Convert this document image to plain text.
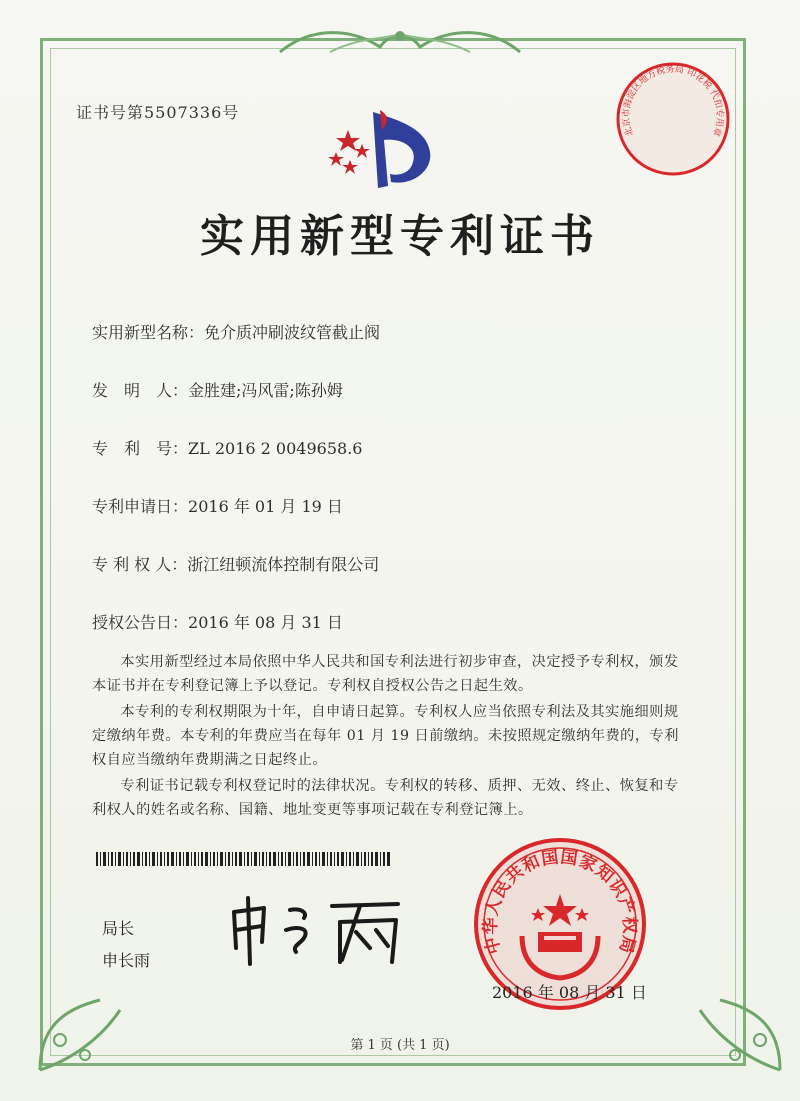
证书号第5507336号

实用新型专利证书
实用新型名称：免介质冲刷波纹管截止阀
发　明　人：金胜建;冯风雷;陈孙姆
专　利　号：ZL 2016 2 0049658.6
专利申请日：2016 年 01 月 19 日
专 利 权 人：浙江纽顿流体控制有限公司
授权公告日：2016 年 08 月 31 日

本实用新型经过本局依照中华人民共和国专利法进行初步审查，决定授予专利权，颁发本证书并在专利登记簿上予以登记。专利权自授权公告之日起生效。

本专利的专利权期限为十年，自申请日起算。专利权人应当依照专利法及其实施细则规定缴纳年费。本专利的年费应当在每年 01 月 19 日前缴纳。未按照规定缴纳年费的，专利权自应当缴纳年费期满之日起终止。

专利证书记载专利权登记时的法律状况。专利权的转移、质押、无效、终止、恢复和专利权人的姓名或名称、国籍、地址变更等事项记载在专利登记簿上。

局长
申长雨
中华人民共和国国家知识产权局
北京市海淀区地方税务局 印花税 代扣专用章
2016 年 08 月 31 日
第 1 页 (共 1 页)
